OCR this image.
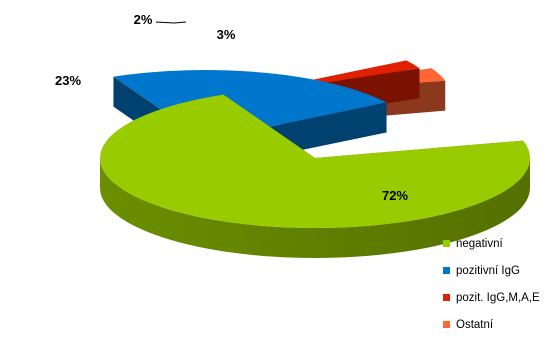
72%
23%
2%
3%
negativní
pozitivní IgG
pozit. IgG,M,A,E
Ostatní
